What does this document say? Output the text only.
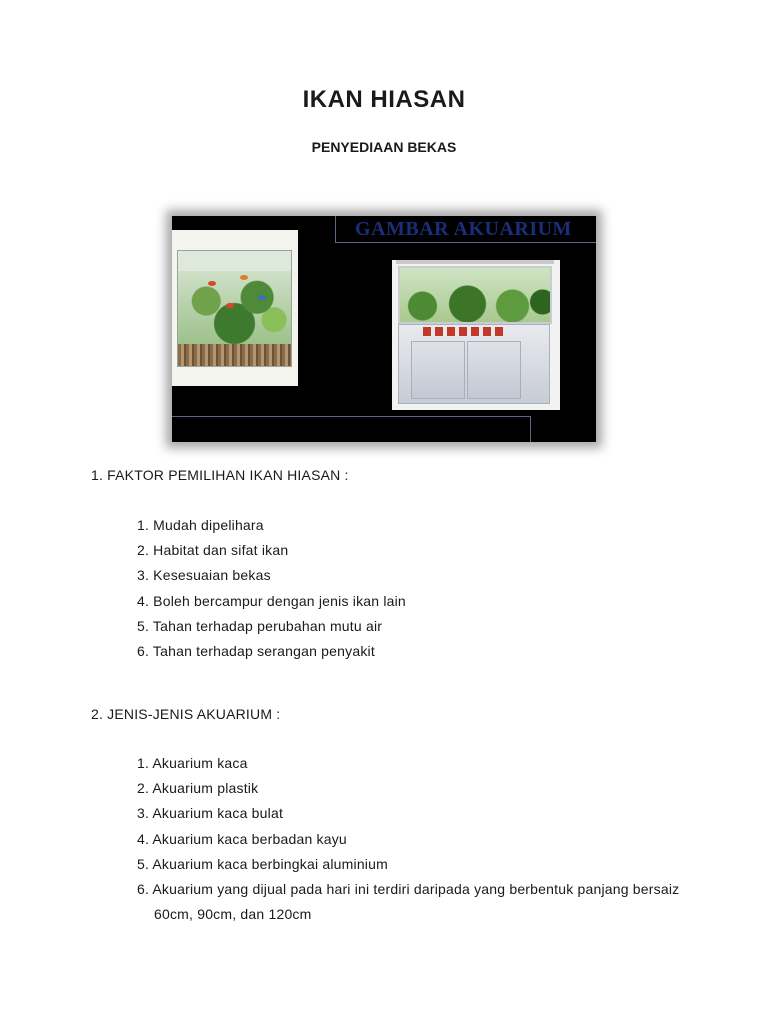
IKAN HIASAN
PENYEDIAAN BEKAS
GAMBAR AKUARIUM
1. FAKTOR PEMILIHAN IKAN HIASAN :
1. Mudah dipelihara
2. Habitat dan sifat ikan
3. Kesesuaian bekas
4. Boleh bercampur dengan jenis ikan lain
5. Tahan terhadap perubahan mutu air
6. Tahan terhadap serangan penyakit
2. JENIS-JENIS AKUARIUM :
1. Akuarium kaca
2. Akuarium plastik
3. Akuarium kaca bulat
4. Akuarium kaca berbadan kayu
5. Akuarium kaca berbingkai aluminium
6. Akuarium yang dijual pada hari ini terdiri daripada yang berbentuk panjang bersaiz 60cm, 90cm, dan 120cm
